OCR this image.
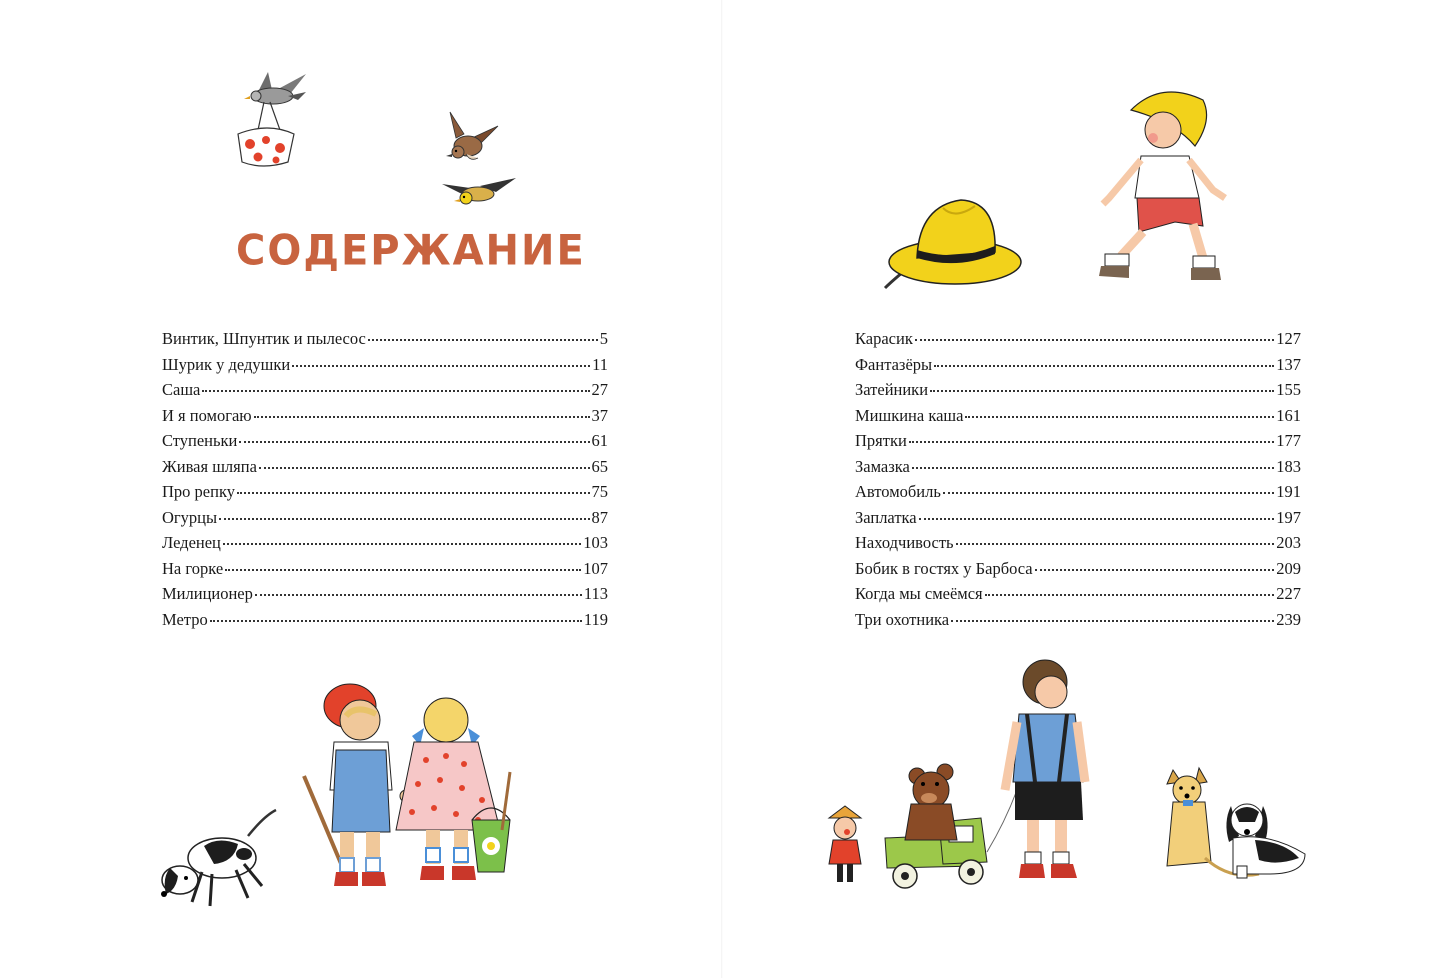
СОДЕРЖАНИЕ
Винтик, Шпунтик и пылесос	5
Шурик у дедушки	11
Саша	27
И я помогаю	37
Ступеньки	61
Живая шляпа	65
Про репку	75
Огурцы	87
Леденец	103
На горке	107
Милиционер	113
Метро	119
Карасик	127
Фантазёры	137
Затейники	155
Мишкина каша	161
Прятки	177
Замазка	183
Автомобиль	191
Заплатка	197
Находчивость	203
Бобик в гостях у Барбоса	209
Когда мы смеёмся	227
Три охотника	239
